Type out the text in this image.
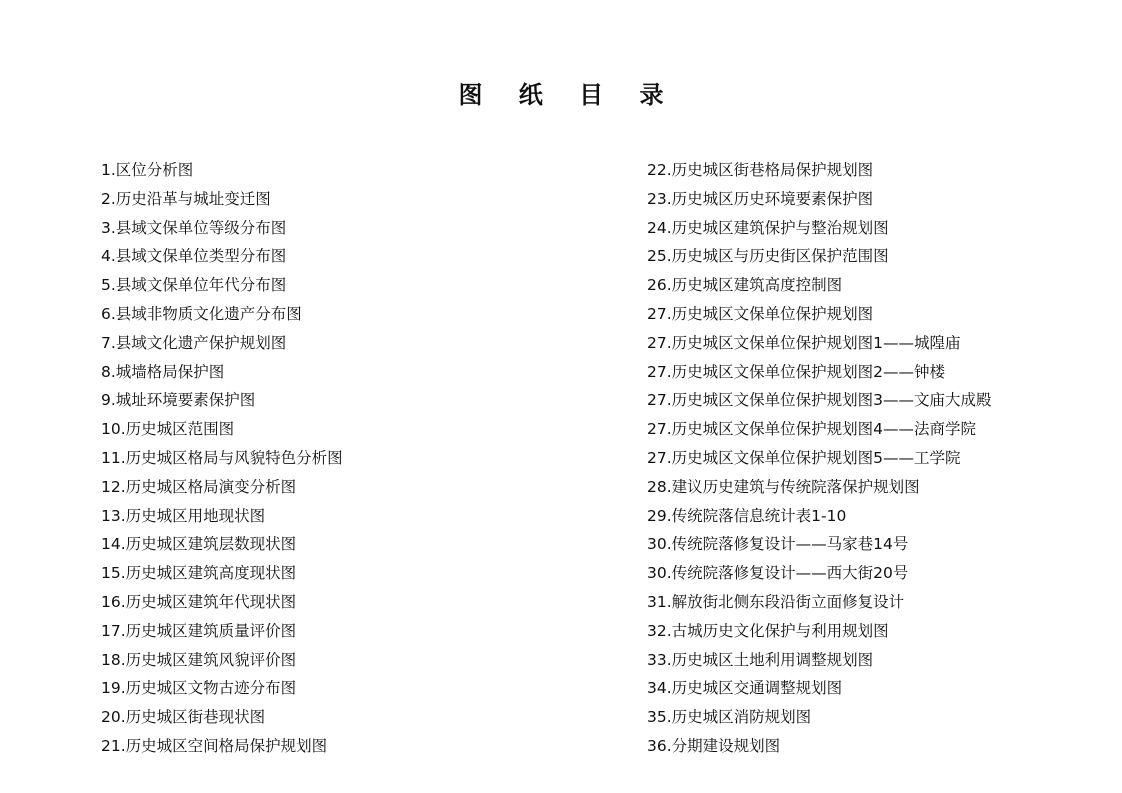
图 纸 目 录
1.区位分析图
2.历史沿革与城址变迁图
3.县域文保单位等级分布图
4.县域文保单位类型分布图
5.县域文保单位年代分布图
6.县域非物质文化遗产分布图
7.县域文化遗产保护规划图
8.城墙格局保护图
9.城址环境要素保护图
10.历史城区范围图
11.历史城区格局与风貌特色分析图
12.历史城区格局演变分析图
13.历史城区用地现状图
14.历史城区建筑层数现状图
15.历史城区建筑高度现状图
16.历史城区建筑年代现状图
17.历史城区建筑质量评价图
18.历史城区建筑风貌评价图
19.历史城区文物古迹分布图
20.历史城区街巷现状图
21.历史城区空间格局保护规划图
22.历史城区街巷格局保护规划图
23.历史城区历史环境要素保护图
24.历史城区建筑保护与整治规划图
25.历史城区与历史街区保护范围图
26.历史城区建筑高度控制图
27.历史城区文保单位保护规划图
27.历史城区文保单位保护规划图1——城隍庙
27.历史城区文保单位保护规划图2——钟楼
27.历史城区文保单位保护规划图3——文庙大成殿
27.历史城区文保单位保护规划图4——法商学院
27.历史城区文保单位保护规划图5——工学院
28.建议历史建筑与传统院落保护规划图
29.传统院落信息统计表1-10
30.传统院落修复设计——马家巷14号
30.传统院落修复设计——西大街20号
31.解放街北侧东段沿街立面修复设计
32.古城历史文化保护与利用规划图
33.历史城区土地利用调整规划图
34.历史城区交通调整规划图
35.历史城区消防规划图
36.分期建设规划图
